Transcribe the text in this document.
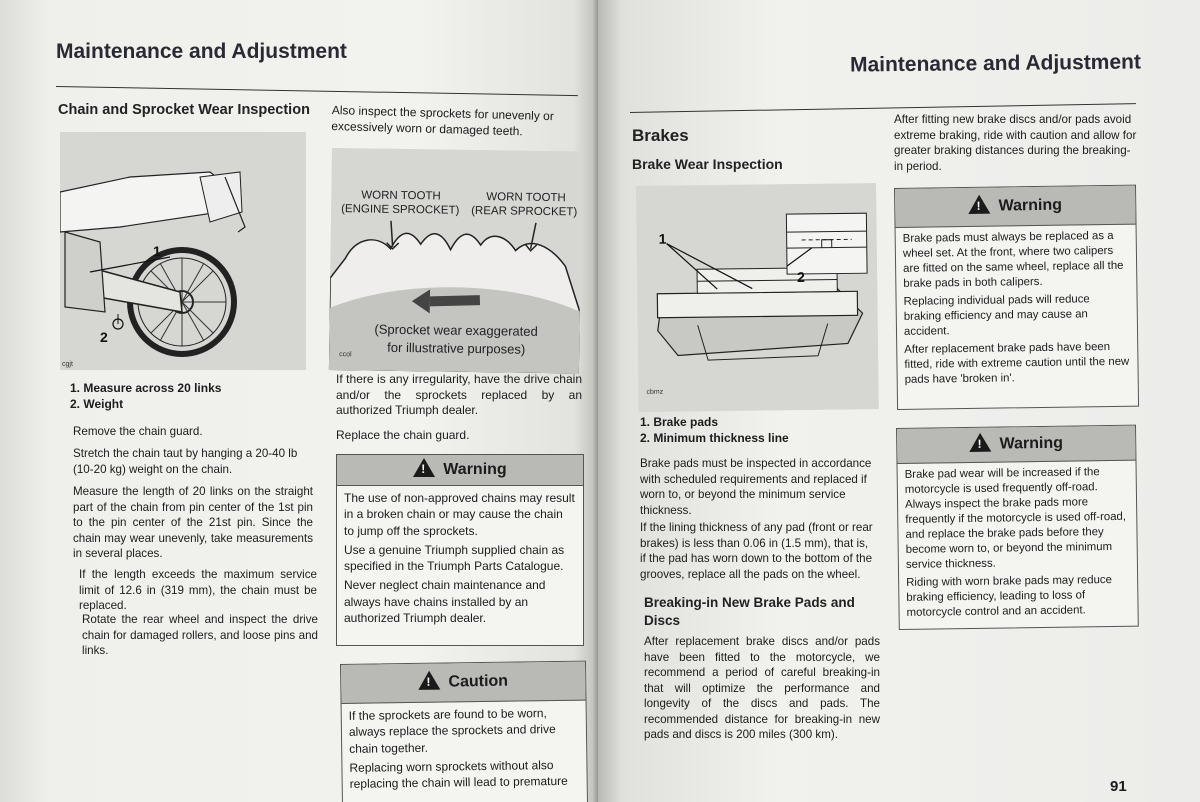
Maintenance and Adjustment
Chain and Sprocket Wear Inspection
1
2
cgjt
1. Measure across 20 links
2. Weight

Remove the chain guard.

Stretch the chain taut by hanging a 20-40 lb (10-20 kg) weight on the chain.

Measure the length of 20 links on the straight part of the chain from pin center of the 1st pin to the pin center of the 21st pin. Since the chain may wear unevenly, take measurements in several places.

If the length exceeds the maximum service limit of 12.6 in (319 mm), the chain must be replaced.

Rotate the rear wheel and inspect the drive chain for damaged rollers, and loose pins and links.

Also inspect the sprockets for unevenly or excessively worn or damaged teeth.

WORN TOOTH
(ENGINE SPROCKET)
WORN TOOTH
(REAR SPROCKET)
(Sprocket wear exaggerated
for illustrative purposes)
ccol

If there is any irregularity, have the drive chain and/or the sprockets replaced by an authorized Triumph dealer.

Replace the chain guard.

!Warning

The use of non-approved chains may result in a broken chain or may cause the chain to jump off the sprockets.

Use a genuine Triumph supplied chain as specified in the Triumph Parts Catalogue.

Never neglect chain maintenance and always have chains installed by an authorized Triumph dealer.

!Caution

If the sprockets are found to be worn, always replace the sprockets and drive chain together.

Replacing worn sprockets without also replacing the chain will lead to premature

Maintenance and Adjustment
Brakes
Brake Wear Inspection
1
2
cbmz
1. Brake pads
2. Minimum thickness line

Brake pads must be inspected in accordance with scheduled requirements and replaced if worn to, or beyond the minimum service thickness.

If the lining thickness of any pad (front or rear brakes) is less than 0.06 in (1.5 mm), that is, if the pad has worn down to the bottom of the grooves, replace all the pads on the wheel.

Breaking-in New Brake Pads and Discs

After replacement brake discs and/or pads have been fitted to the motorcycle, we recommend a period of careful breaking-in that will optimize the performance and longevity of the discs and pads. The recommended distance for breaking-in new pads and discs is 200 miles (300 km).

After fitting new brake discs and/or pads avoid extreme braking, ride with caution and allow for greater braking distances during the breaking-in period.

!Warning

Brake pads must always be replaced as a wheel set. At the front, where two calipers are fitted on the same wheel, replace all the brake pads in both calipers.

Replacing individual pads will reduce braking efficiency and may cause an accident.

After replacement brake pads have been fitted, ride with extreme caution until the new pads have 'broken in'.

!Warning

Brake pad wear will be increased if the motorcycle is used frequently off-road. Always inspect the brake pads more frequently if the motorcycle is used off-road, and replace the brake pads before they become worn to, or beyond the minimum service thickness.

Riding with worn brake pads may reduce braking efficiency, leading to loss of motorcycle control and an accident.

91
